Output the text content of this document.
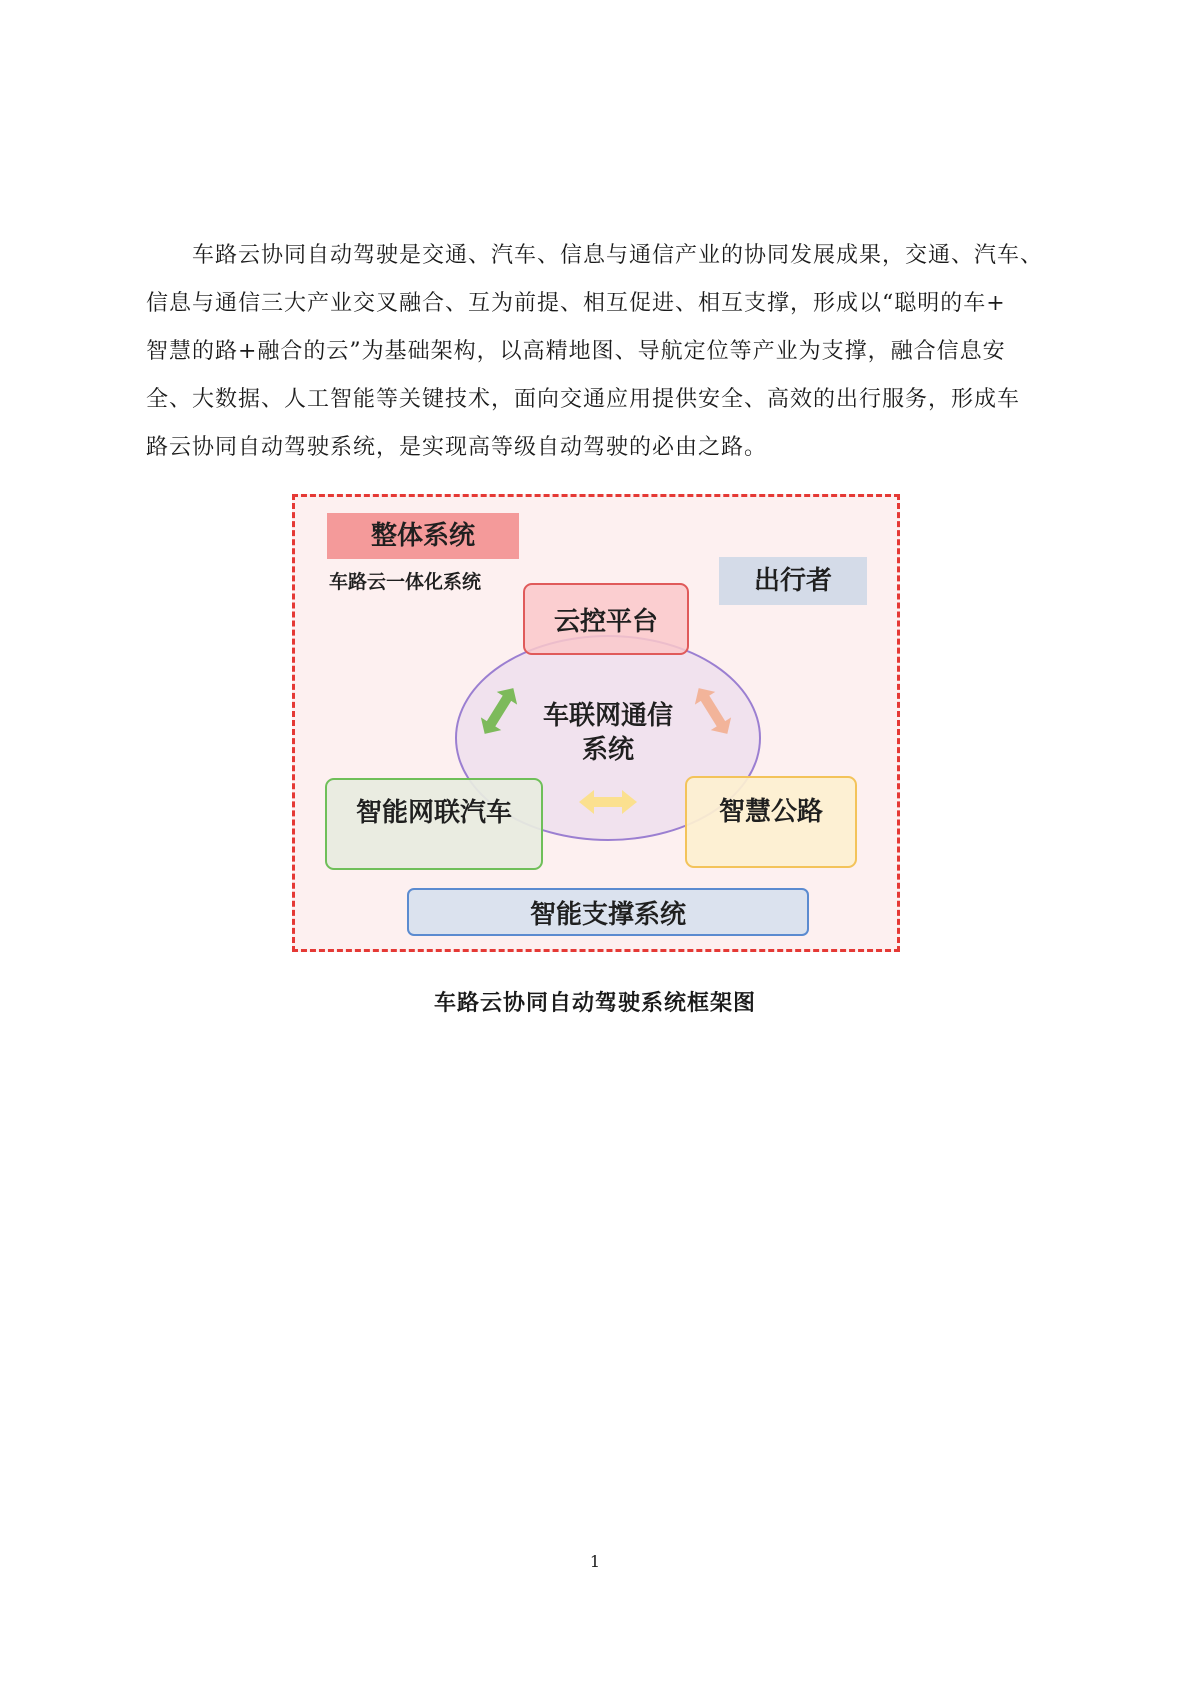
车路云协同自动驾驶是交通、汽车、信息与通信产业的协同发展成果，交通、汽车、
信息与通信三大产业交叉融合、互为前提、相互促进、相互支撑，形成以“聪明的车+
智慧的路+融合的云”为基础架构，以高精地图、导航定位等产业为支撑，融合信息安
全、大数据、人工智能等关键技术，面向交通应用提供安全、高效的出行服务，形成车
路云协同自动驾驶系统，是实现高等级自动驾驶的必由之路。
整体系统
车路云一体化系统	出行者
云控平台
车联网通信
系统
智能网联汽车	智慧公路
智能支撑系统
车路云协同自动驾驶系统框架图
1
